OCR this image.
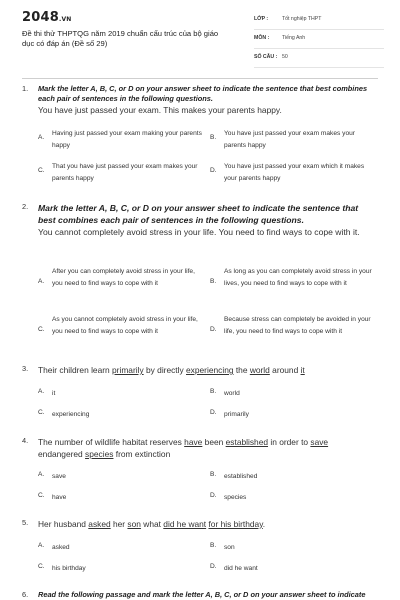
2048.VN
Đề thi thử THPTQG năm 2019 chuẩn cấu trúc của bộ giáo dục có đáp án (Đề số 29)
LỚP :	Tốt nghiệp THPT
MÔN : Tiếng Anh
SỐ CÂU : 50
1. Mark the letter A, B, C, or D on your answer sheet to indicate the sentence that best combines each pair of sentences in the following questions.
You have just passed your exam. This makes your parents happy.
A.
Having just passed your exam making your parents happy
B.
You have just passed your exam makes your parents happy
C.
That you have just passed your exam makes your parents happy
D.
You have just passed your exam which it makes your parents happy
2. Mark the letter A, B, C, or D on your answer sheet to indicate the sentence that best combines each pair of sentences in the following questions.
You cannot completely avoid stress in your life. You need to find ways to cope with it.
A.
After you can completely avoid stress in your life, you need to find ways to cope with it	B.
As long as you can completely avoid stress in your lives, you need to find ways to cope with it
C.
As you cannot completely avoid stress in your life, you need to find ways to cope with it	D.
Because stress can completely be avoided in your life, you need to find ways to cope with it
3. Their children learn primarily by directly experiencing the world around it
A. it	B. world
C. experiencing	D. primarily
4. The number of wildlife habitat reserves have been established in order to save endangered species from extinction
A. save	B. established
C. have	D. species
5. Her husband asked her son what did he want for his birthday.
A. asked	B. son
C. his birthday	D. did he want
6. Read the following passage and mark the letter A, B, C, or D on your answer sheet to indicate
